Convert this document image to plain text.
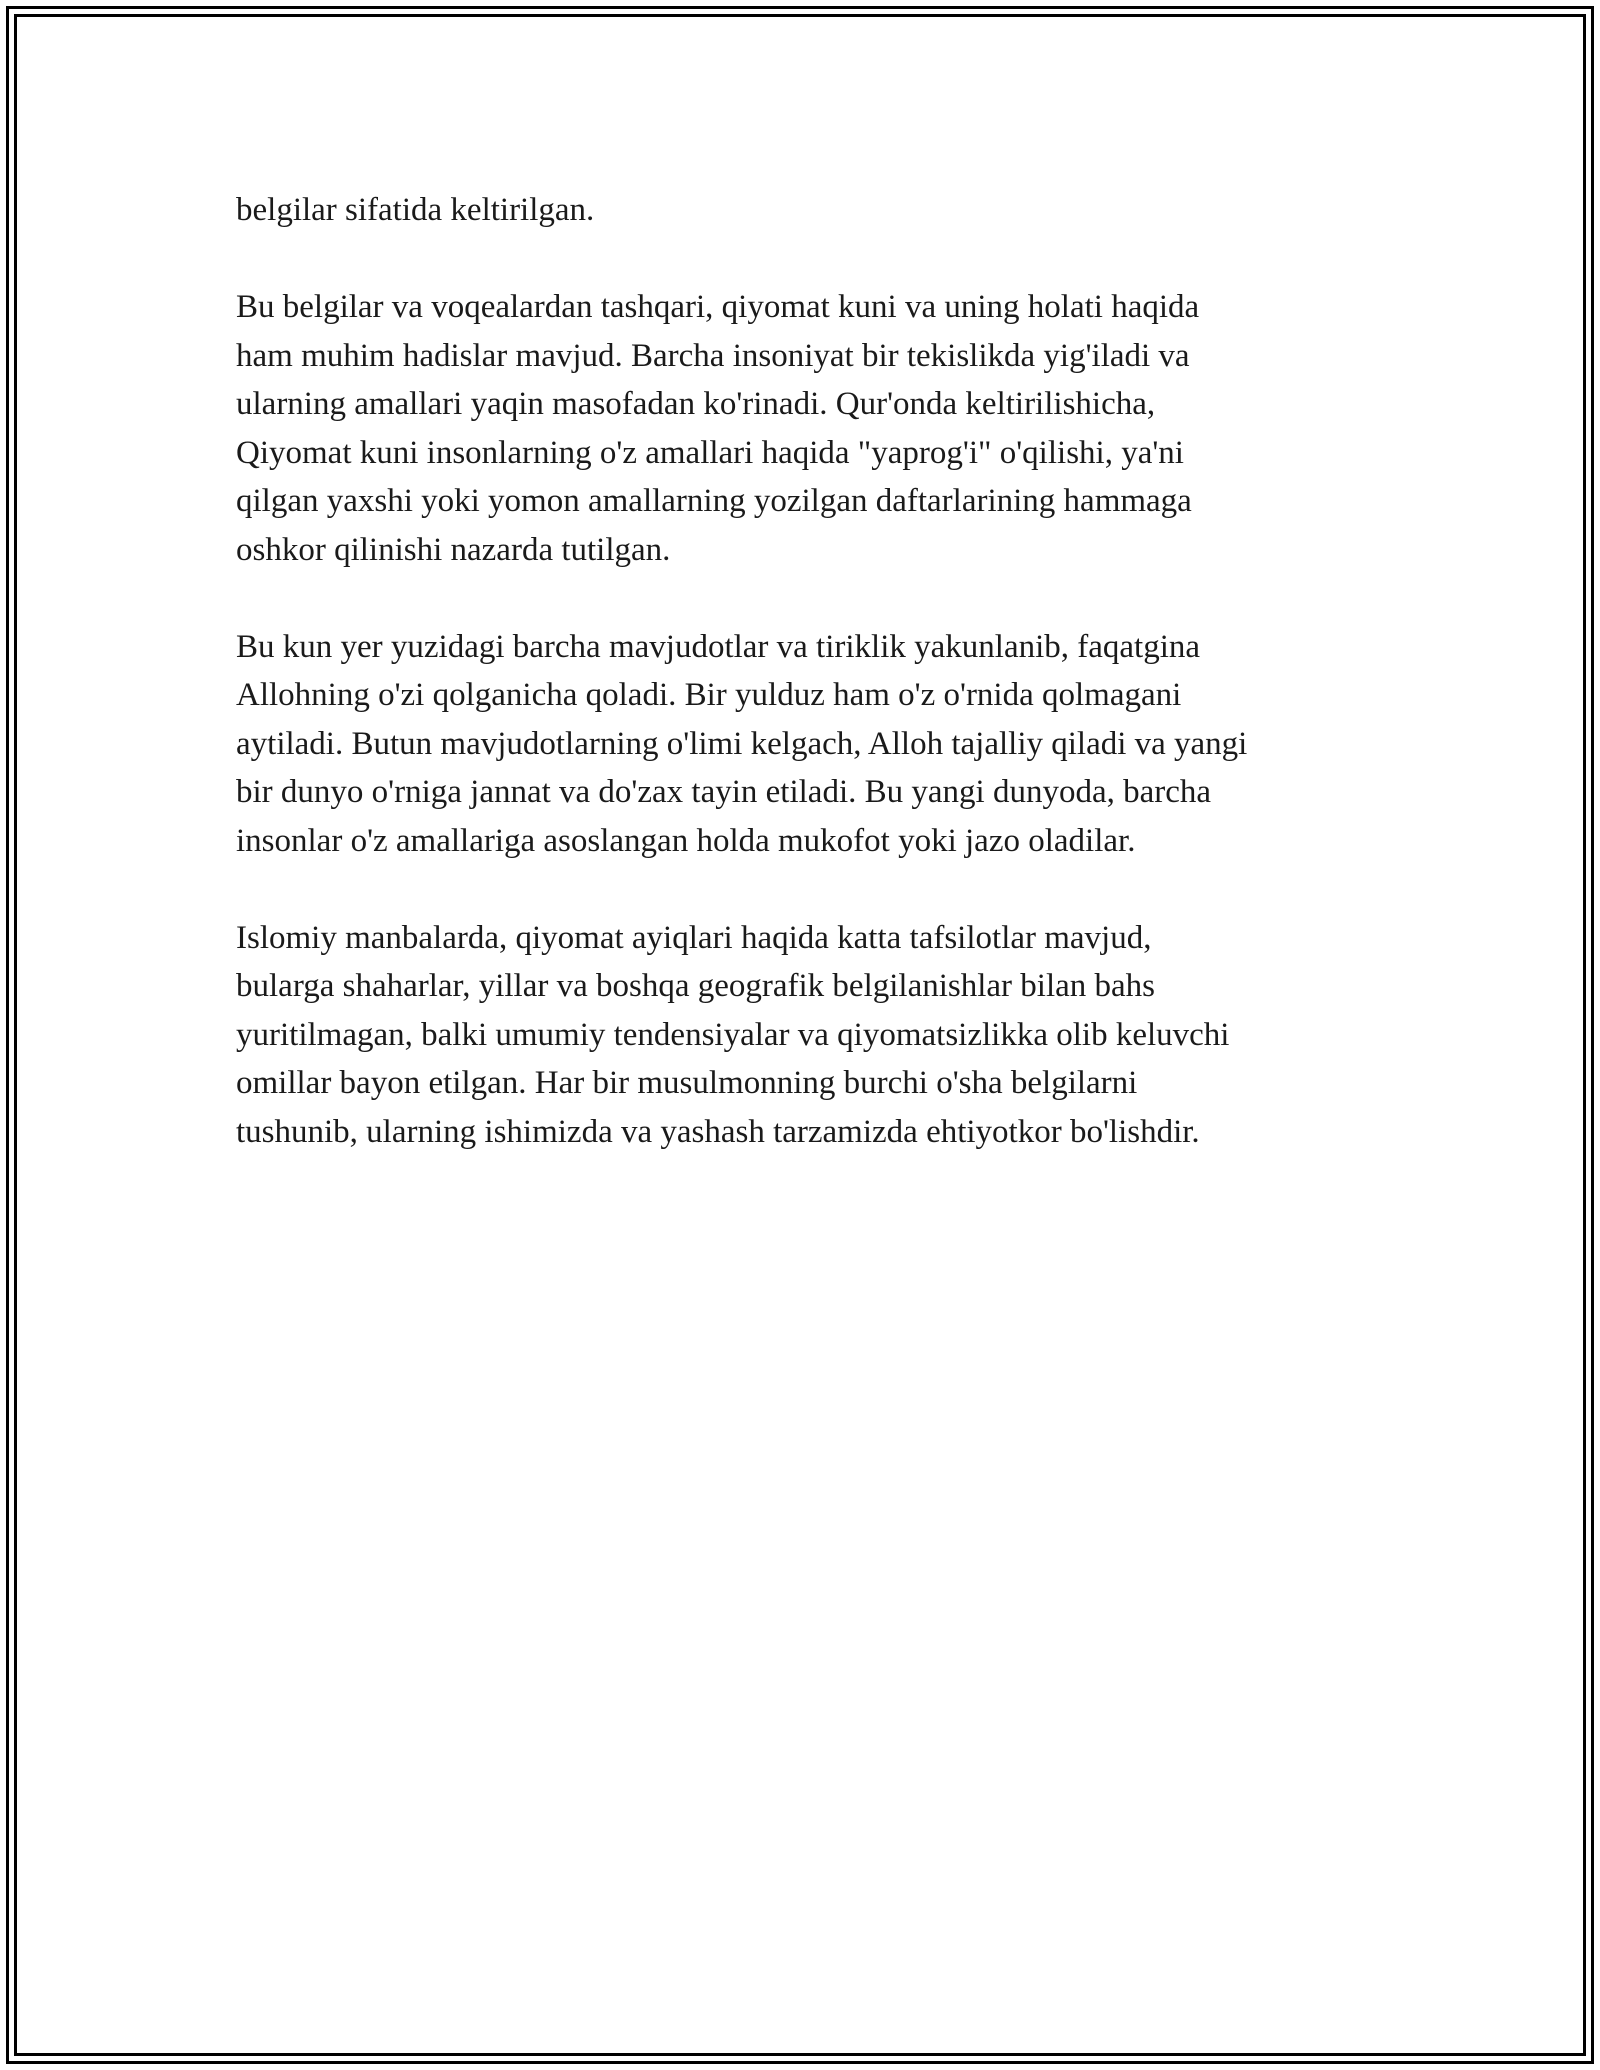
belgilar sifatida keltirilgan.

Bu belgilar va voqealardan tashqari, qiyomat kuni va uning holati haqida
ham muhim hadislar mavjud. Barcha insoniyat bir tekislikda yig'iladi va
ularning amallari yaqin masofadan ko'rinadi. Qur'onda keltirilishicha,
Qiyomat kuni insonlarning o'z amallari haqida "yaprog'i" o'qilishi, ya'ni
qilgan yaxshi yoki yomon amallarning yozilgan daftarlarining hammaga
oshkor qilinishi nazarda tutilgan.

Bu kun yer yuzidagi barcha mavjudotlar va tiriklik yakunlanib, faqatgina
Allohning o'zi qolganicha qoladi. Bir yulduz ham o'z o'rnida qolmagani
aytiladi. Butun mavjudotlarning o'limi kelgach, Alloh tajalliy qiladi va yangi
bir dunyo o'rniga jannat va do'zax tayin etiladi. Bu yangi dunyoda, barcha
insonlar o'z amallariga asoslangan holda mukofot yoki jazo oladilar.

Islomiy manbalarda, qiyomat ayiqlari haqida katta tafsilotlar mavjud,
bularga shaharlar, yillar va boshqa geografik belgilanishlar bilan bahs
yuritilmagan, balki umumiy tendensiyalar va qiyomatsizlikka olib keluvchi
omillar bayon etilgan. Har bir musulmonning burchi o'sha belgilarni
tushunib, ularning ishimizda va yashash tarzamizda ehtiyotkor bo'lishdir.
